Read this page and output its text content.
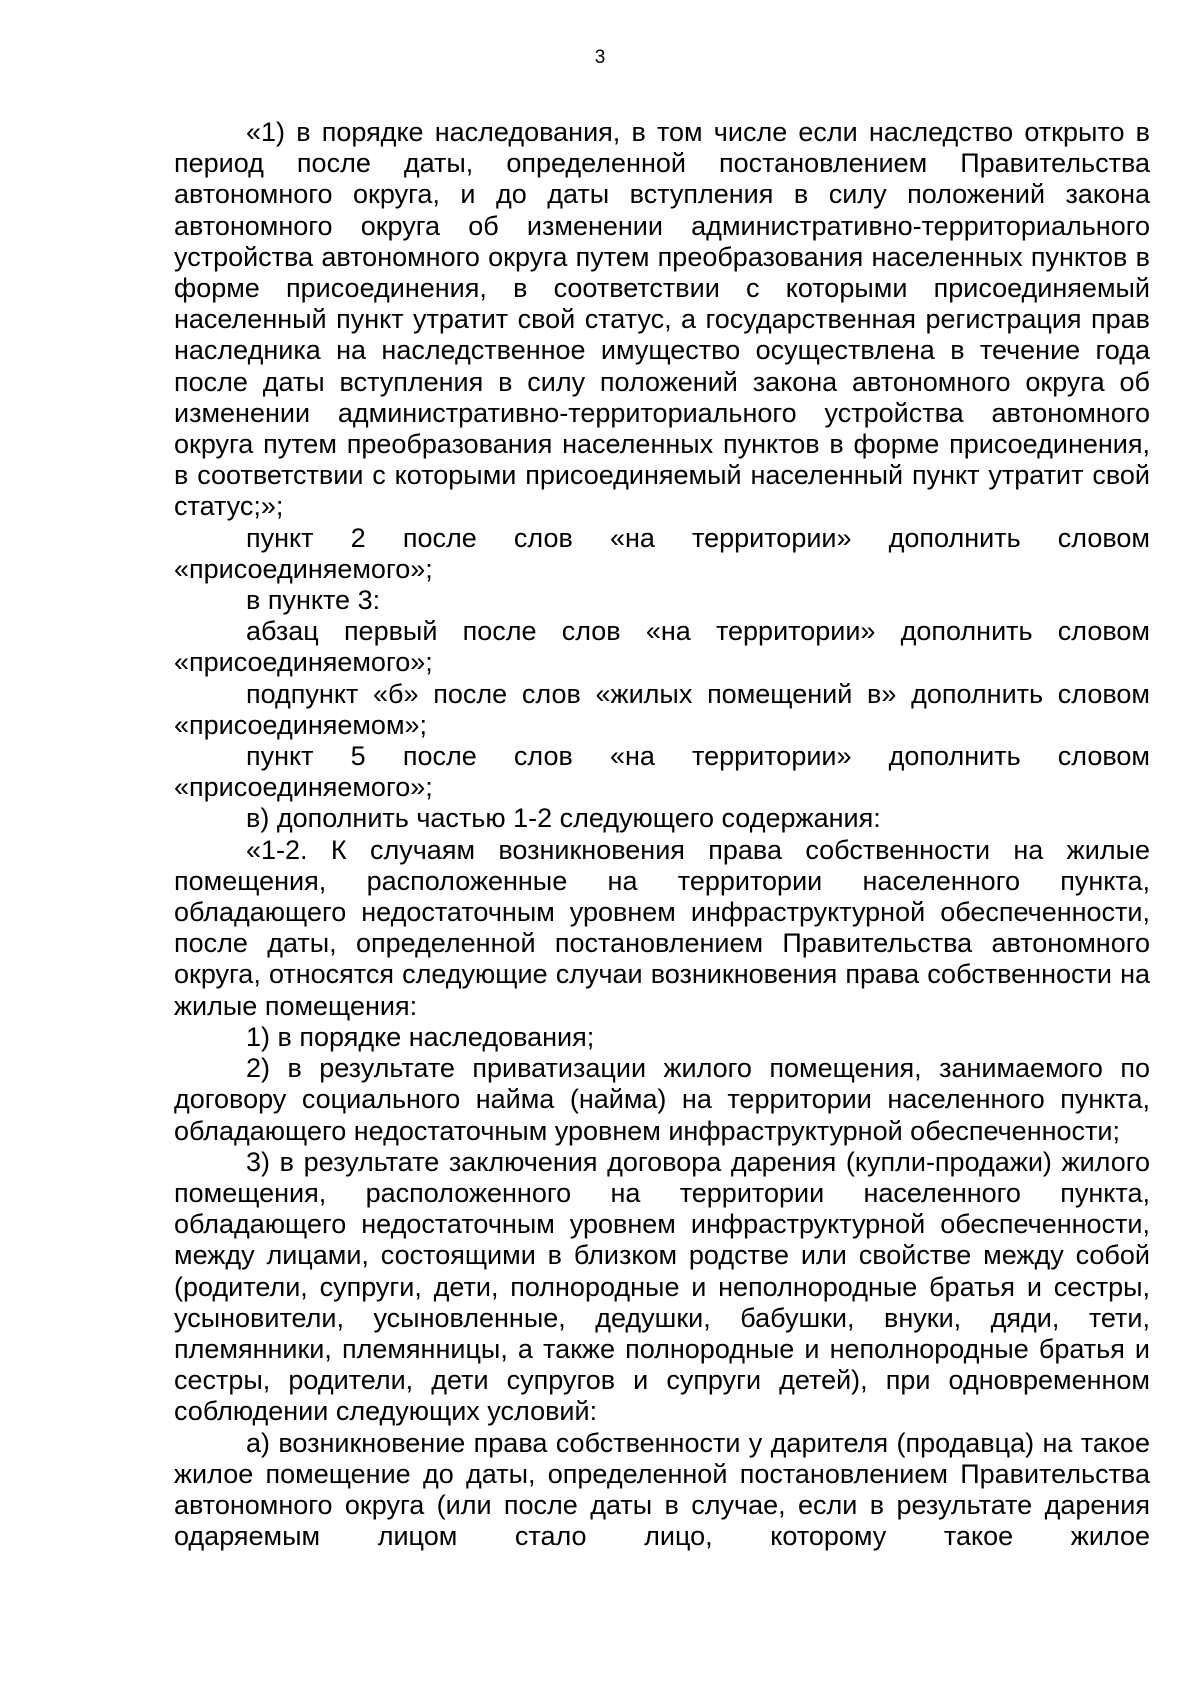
3

«1) в порядке наследования, в том числе если наследство открыто в период после даты, определенной постановлением Правительства автономного округа, и до даты вступления в силу положений закона автономного округа об изменении административно-территориального устройства автономного округа путем преобразования населенных пунктов в форме присоединения, в соответствии с которыми присоединяемый населенный пункт утратит свой статус, а государственная регистрация прав наследника на наследственное имущество осуществлена в течение года после даты вступления в силу положений закона автономного округа об изменении административно-территориального устройства автономного округа путем преобразования населенных пунктов в форме присоединения, в соответствии с которыми присоединяемый населенный пункт утратит свой статус;»;

пункт 2 после слов «на территории» дополнить словом «присоединяемого»;

в пункте 3:

абзац первый после слов «на территории» дополнить словом «присоединяемого»;

подпункт «б» после слов «жилых помещений в» дополнить словом «присоединяемом»;

пункт 5 после слов «на территории» дополнить словом «присоединяемого»;

в) дополнить частью 1-2 следующего содержания:

«1-2. К случаям возникновения права собственности на жилые помещения, расположенные на территории населенного пункта, обладающего недостаточным уровнем инфраструктурной обеспеченности, после даты, определенной постановлением Правительства автономного округа, относятся следующие случаи возникновения права собственности на жилые помещения:

1) в порядке наследования;

2) в результате приватизации жилого помещения, занимаемого по договору социального найма (найма) на территории населенного пункта, обладающего недостаточным уровнем инфраструктурной обеспеченности;

3) в результате заключения договора дарения (купли-продажи) жилого помещения, расположенного на территории населенного пункта, обладающего недостаточным уровнем инфраструктурной обеспеченности, между лицами, состоящими в близком родстве или свойстве между собой (родители, супруги, дети, полнородные и неполнородные братья и сестры, усыновители, усыновленные, дедушки, бабушки, внуки, дяди, тети, племянники, племянницы, а также полнородные и неполнородные братья и сестры, родители, дети супругов и супруги детей), при одновременном соблюдении следующих условий:

а) возникновение права собственности у дарителя (продавца) на такое жилое помещение до даты, определенной постановлением Правительства автономного округа (или после даты в случае, если в результате дарения одаряемым лицом стало лицо, которому такое жилое
